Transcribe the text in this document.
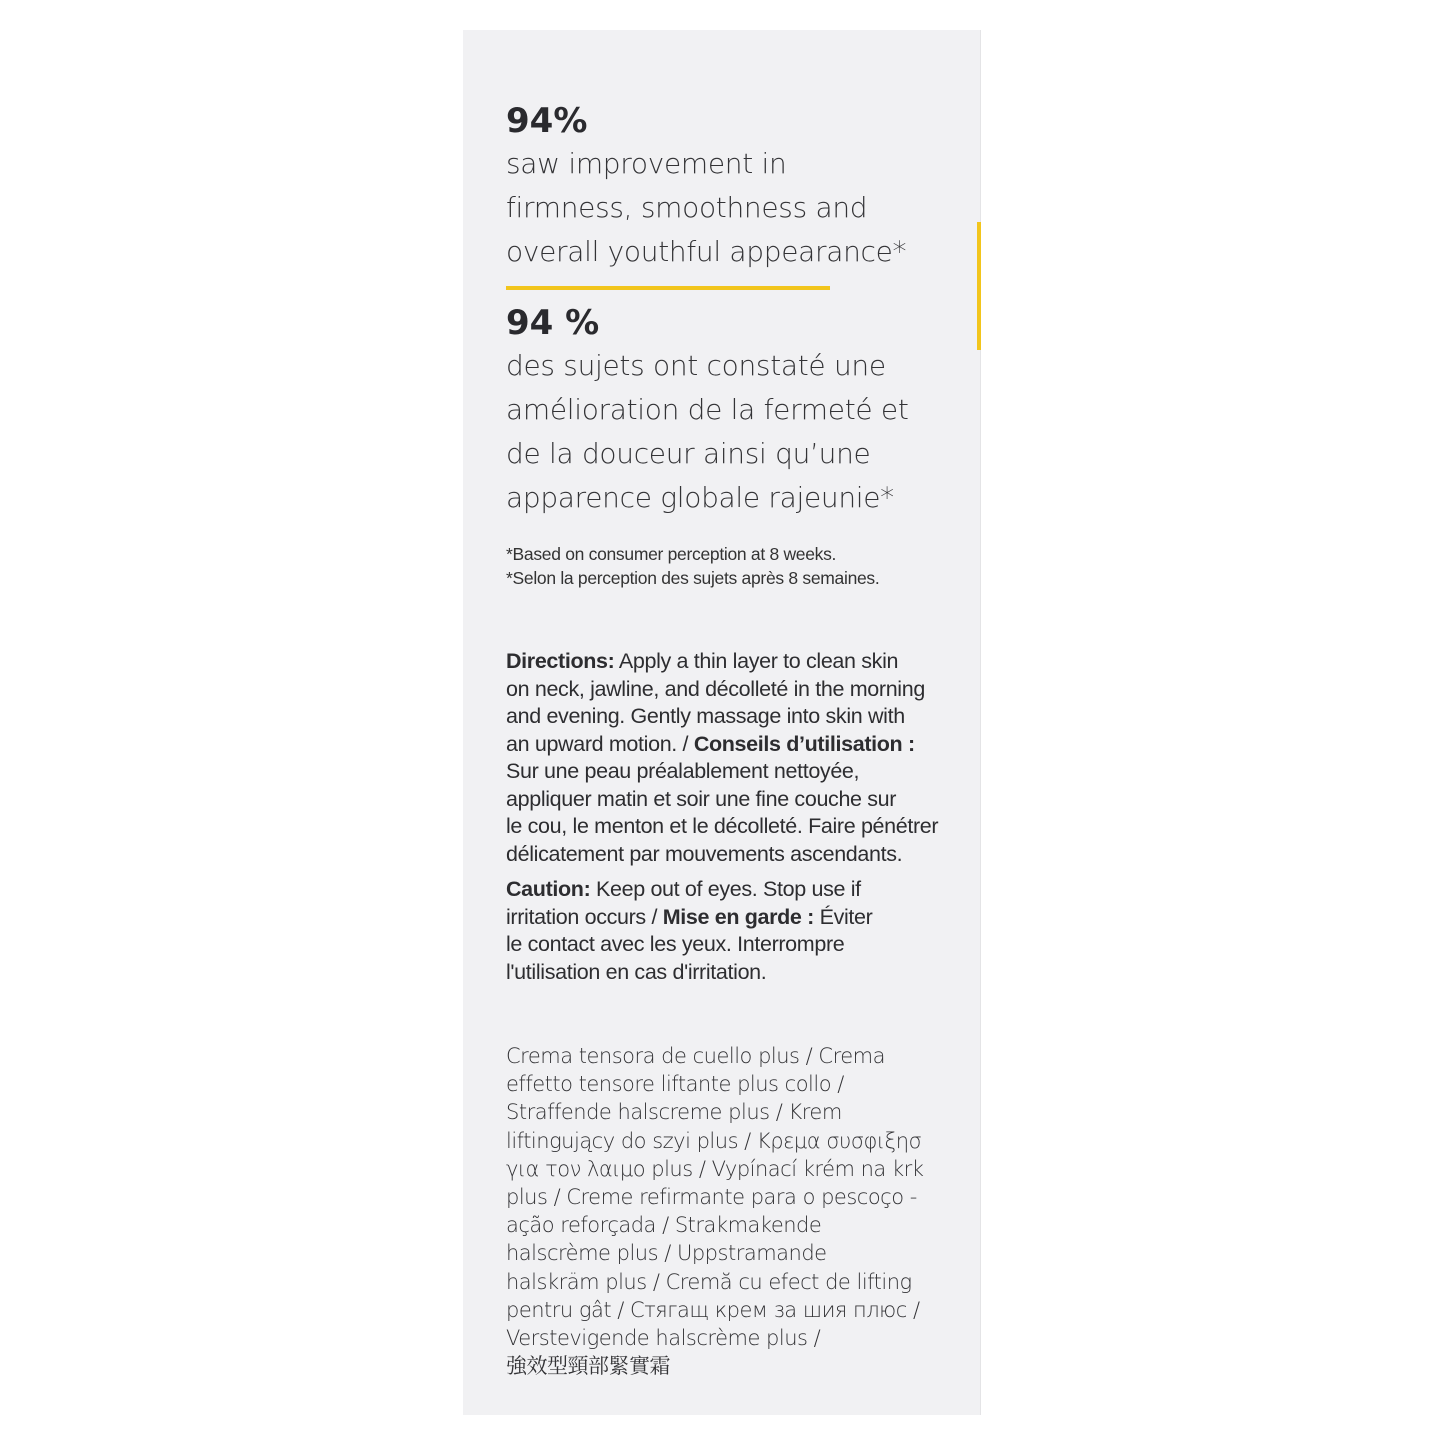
94%

saw improvement in

firmness, smoothness and

overall youthful appearance*

94 %

des sujets ont constaté une

amélioration de la fermeté et

de la douceur ainsi qu’une

apparence globale rajeunie*

*Based on consumer perception at 8 weeks.
*Selon la perception des sujets après 8 semaines.

Directions: Apply a thin layer to clean skin

on neck, jawline, and décolleté in the morning

and evening. Gently massage into skin with

an upward motion. / Conseils d’utilisation :

Sur une peau préalablement nettoyée,

appliquer matin et soir une fine couche sur

le cou, le menton et le décolleté. Faire pénétrer

délicatement par mouvements ascendants.

Caution: Keep out of eyes. Stop use if

irritation occurs / Mise en garde : Éviter

le contact avec les yeux. Interrompre

l'utilisation en cas d'irritation.

Crema tensora de cuello plus / Crema
effetto tensore liftante plus collo /
Straffende halscreme plus / Krem
liftingujący do szyi plus / Κρεμα συσφιξησ
για τον λαιμο plus / Vypínací krém na krk
plus / Creme refirmante para o pescoço -
ação reforçada / Strakmakende
halscrème plus / Uppstramande
halskräm plus / Cremă cu efect de lifting
pentru gât / Стягащ крем за шия плюс /
Verstevigende halscrème plus /
強效型頸部緊實霜
